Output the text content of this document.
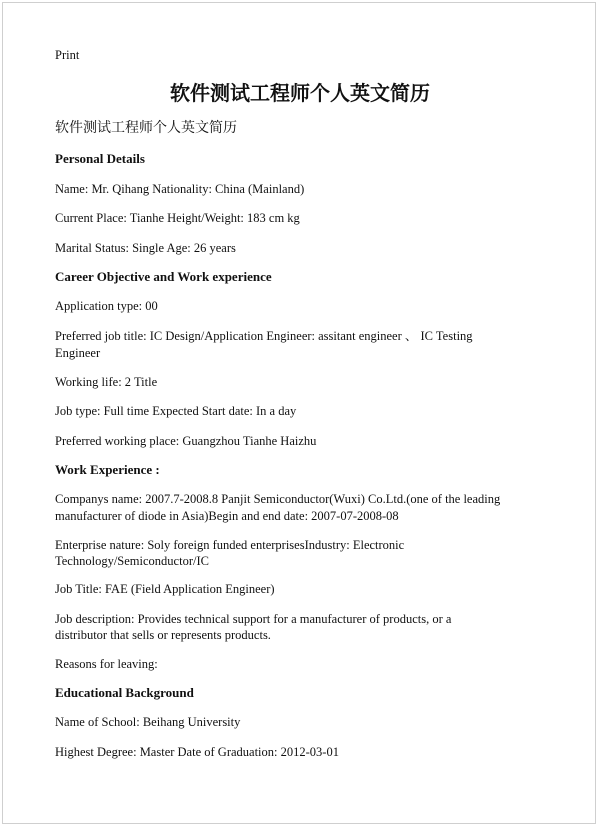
Print
软件测试工程师个人英文简历
软件测试工程师个人英文简历
Personal Details
Name: Mr. Qihang Nationality: China (Mainland)
Current Place: Tianhe Height/Weight: 183 cm kg
Marital Status: Single Age: 26 years
Career Objective and Work experience
Application type: 00
Preferred job title: IC Design/Application Engineer: assitant engineer 、 IC Testing
Engineer
Working life: 2 Title
Job type: Full time Expected Start date: In a day
Preferred working place: Guangzhou Tianhe Haizhu
Work Experience :
Companys name: 2007.7-2008.8 Panjit Semiconductor(Wuxi) Co.Ltd.(one of the leading
manufacturer of diode in Asia)Begin and end date: 2007-07-2008-08
Enterprise nature: Soly foreign funded enterprisesIndustry: Electronic
Technology/Semiconductor/IC
Job Title: FAE (Field Application Engineer)
Job description: Provides technical support for a manufacturer of products, or a
distributor that sells or represents products.
Reasons for leaving:
Educational Background
Name of School: Beihang University
Highest Degree: Master Date of Graduation: 2012-03-01
